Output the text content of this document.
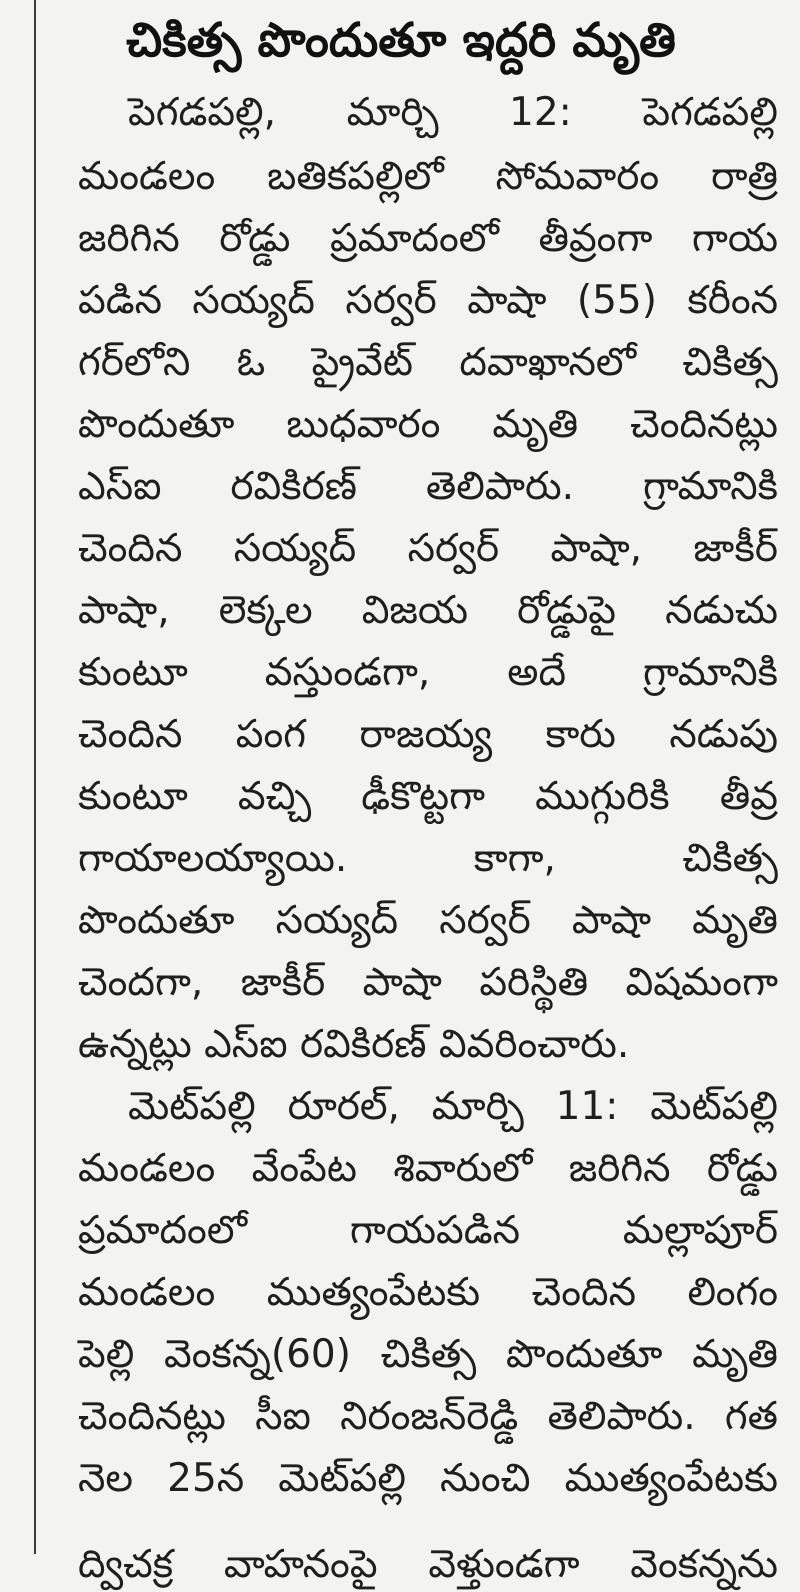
చికిత్స పొందుతూ ఇద్దరి మృతి
పెగడపల్లి, మార్చి 12: పెగడపల్లి
మండలం బతికపల్లిలో సోమవారం రాత్రి
జరిగిన రోడ్డు ప్రమాదంలో తీవ్రంగా గాయ
పడిన సయ్యద్ సర్వర్ పాషా (55) కరీంన
గర్‌లోని ఓ ప్రైవేట్ దవాఖానలో చికిత్స
పొందుతూ బుధవారం మృతి చెందినట్లు
ఎస్ఐ రవికిరణ్ తెలిపారు. గ్రామానికి
చెందిన సయ్యద్ సర్వర్ పాషా, జాకీర్
పాషా, లెక్కల విజయ రోడ్డుపై నడుచు
కుంటూ వస్తుండగా, అదే గ్రామానికి
చెందిన పంగ రాజయ్య కారు నడుపు
కుంటూ వచ్చి ఢీకొట్టగా ముగ్గురికి తీవ్ర
గాయాలయ్యాయి. కాగా, చికిత్స
పొందుతూ సయ్యద్ సర్వర్ పాషా మృతి
చెందగా, జాకీర్ పాషా పరిస్థితి విషమంగా
ఉన్నట్లు ఎస్ఐ రవికిరణ్ వివరించారు.
మెట్‌పల్లి రూరల్, మార్చి 11: మెట్‌పల్లి
మండలం వేంపేట శివారులో జరిగిన రోడ్డు
ప్రమాదంలో గాయపడిన మల్లాపూర్
మండలం ముత్యంపేటకు చెందిన లింగం
పెల్లి వెంకన్న(60) చికిత్స పొందుతూ మృతి
చెందినట్లు సీఐ నిరంజన్‌రెడ్డి తెలిపారు. గత
నెల 25న మెట్‌పల్లి నుంచి ముత్యంపేటకు
ద్విచక్ర వాహనంపై వెళ్తుండగా వెంకన్నను
